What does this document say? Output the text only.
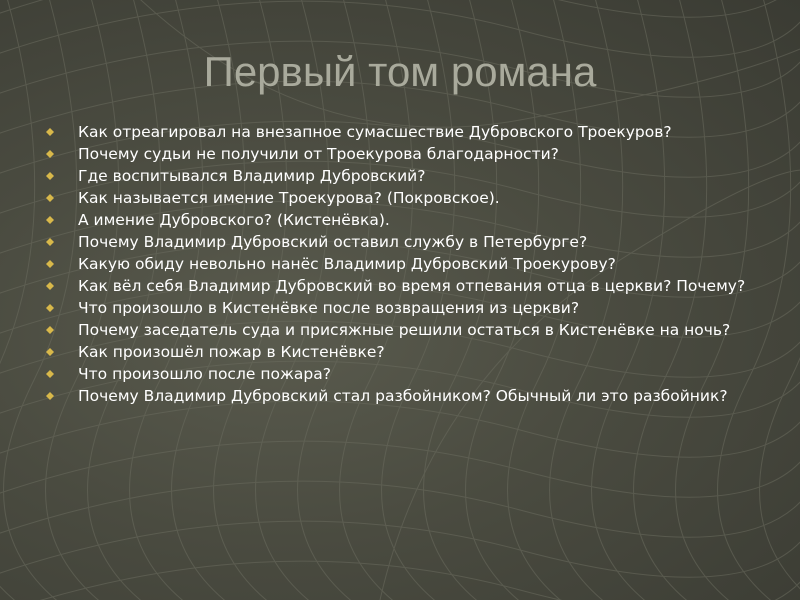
Первый том романа
Как отреагировал на внезапное сумасшествие Дубровского Троекуров?
Почему судьи не получили от Троекурова благодарности?
Где воспитывался Владимир Дубровский?
Как называется имение Троекурова? (Покровское).
А имение Дубровского? (Кистенёвка).
Почему Владимир Дубровский оставил службу в Петербурге?
Какую обиду невольно нанёс Владимир Дубровский Троекурову?
Как вёл себя Владимир Дубровский во время отпевания отца в церкви? Почему?
Что произошло в Кистенёвке после возвращения из церкви?
Почему заседатель суда и присяжные решили остаться в Кистенёвке на ночь?
Как произошёл пожар в Кистенёвке?
Что произошло после пожара?
Почему Владимир Дубровский стал разбойником? Обычный ли это разбойник?
